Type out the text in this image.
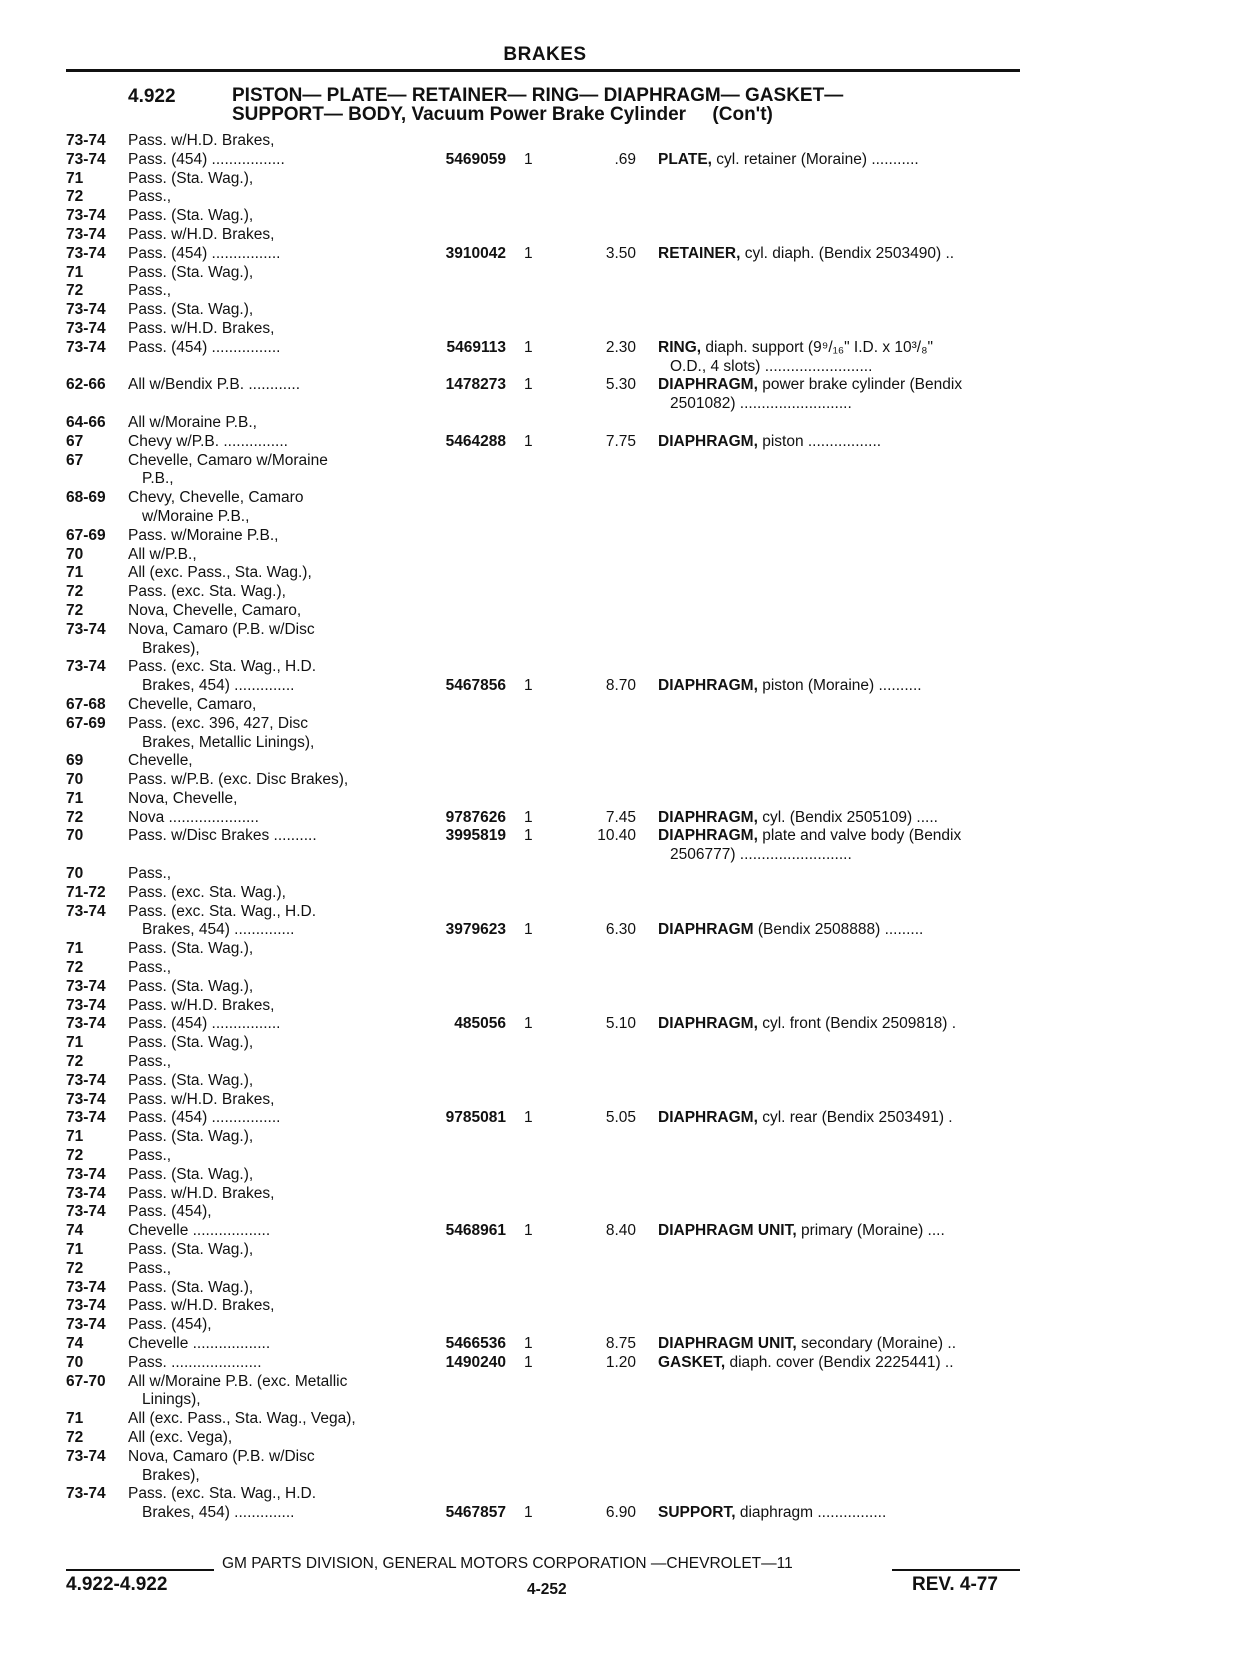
BRAKES
4.922	PISTON— PLATE— RETAINER— RING— DIAPHRAGM— GASKET—
SUPPORT— BODY, Vacuum Power Brake Cylinder     (Con't)
73-74	Pass. w/H.D. Brakes,
73-74	Pass. (454) .................	5469059 1	.69 PLATE, cyl. retainer (Moraine) ...........
71	Pass. (Sta. Wag.),
72	Pass.,
73-74	Pass. (Sta. Wag.),
73-74	Pass. w/H.D. Brakes,
73-74	Pass. (454) ................	3910042 1	3.50 RETAINER, cyl. diaph. (Bendix 2503490) ..
71	Pass. (Sta. Wag.),
72	Pass.,
73-74	Pass. (Sta. Wag.),
73-74	Pass. w/H.D. Brakes,
73-74	Pass. (454) ................	5469113 1	2.30 RING, diaph. support (9⁹/₁₆" I.D. x 10³/₈"
O.D., 4 slots) .........................
62-66	All w/Bendix P.B. ............	1478273 1	5.30 DIAPHRAGM, power brake cylinder (Bendix
2501082) ..........................
64-66	All w/Moraine P.B.,
67	Chevy w/P.B. ...............	5464288 1	7.75 DIAPHRAGM, piston .................
67	Chevelle, Camaro w/Moraine
P.B.,
68-69	Chevy, Chevelle, Camaro
w/Moraine P.B.,
67-69	Pass. w/Moraine P.B.,
70	All w/P.B.,
71	All (exc. Pass., Sta. Wag.),
72	Pass. (exc. Sta. Wag.),
72	Nova, Chevelle, Camaro,
73-74	Nova, Camaro (P.B. w/Disc
Brakes),
73-74	Pass. (exc. Sta. Wag., H.D.
Brakes, 454) ..............	5467856 1	8.70 DIAPHRAGM, piston (Moraine) ..........
67-68	Chevelle, Camaro,
67-69	Pass. (exc. 396, 427, Disc
Brakes, Metallic Linings),
69	Chevelle,
70	Pass. w/P.B. (exc. Disc Brakes),
71	Nova, Chevelle,
72	Nova .....................	9787626 1	7.45 DIAPHRAGM, cyl. (Bendix 2505109) .....
70	Pass. w/Disc Brakes ..........	3995819 1	10.40 DIAPHRAGM, plate and valve body (Bendix
2506777) ..........................
70	Pass.,
71-72	Pass. (exc. Sta. Wag.),
73-74	Pass. (exc. Sta. Wag., H.D.
Brakes, 454) ..............	3979623 1	6.30 DIAPHRAGM (Bendix 2508888) .........
71	Pass. (Sta. Wag.),
72	Pass.,
73-74	Pass. (Sta. Wag.),
73-74	Pass. w/H.D. Brakes,
73-74	Pass. (454) ................	485056 1	5.10 DIAPHRAGM, cyl. front (Bendix 2509818) .
71	Pass. (Sta. Wag.),
72	Pass.,
73-74	Pass. (Sta. Wag.),
73-74	Pass. w/H.D. Brakes,
73-74	Pass. (454) ................	9785081 1	5.05 DIAPHRAGM, cyl. rear (Bendix 2503491) .
71	Pass. (Sta. Wag.),
72	Pass.,
73-74	Pass. (Sta. Wag.),
73-74	Pass. w/H.D. Brakes,
73-74	Pass. (454),
74	Chevelle ..................	5468961 1	8.40 DIAPHRAGM UNIT, primary (Moraine) ....
71	Pass. (Sta. Wag.),
72	Pass.,
73-74	Pass. (Sta. Wag.),
73-74	Pass. w/H.D. Brakes,
73-74	Pass. (454),
74	Chevelle ..................	5466536 1	8.75 DIAPHRAGM UNIT, secondary (Moraine) ..
70	Pass. .....................	1490240 1	1.20 GASKET, diaph. cover (Bendix 2225441) ..
67-70	All w/Moraine P.B. (exc. Metallic
Linings),
71	All (exc. Pass., Sta. Wag., Vega),
72	All (exc. Vega),
73-74	Nova, Camaro (P.B. w/Disc
Brakes),
73-74	Pass. (exc. Sta. Wag., H.D.
Brakes, 454) ..............	5467857 1	6.90 SUPPORT, diaphragm ................
GM PARTS DIVISION, GENERAL MOTORS CORPORATION —CHEVROLET—11
4.922-4.922	4-252	REV. 4-77
